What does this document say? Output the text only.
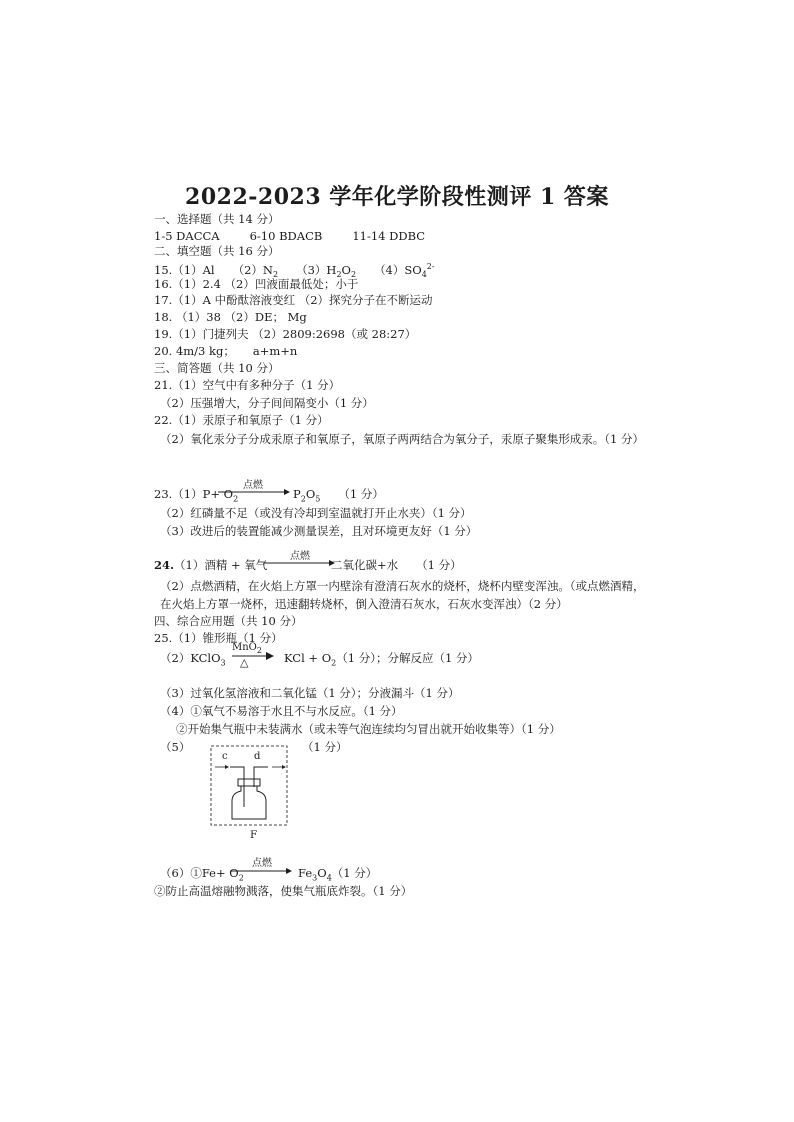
2022-2023 学年化学阶段性测评 1 答案
一、选择题（共 14 分）
1-5 DACCA	6-10 BDACB	11-14 DDBC
二、填空题（共 16 分）
15.（1）Al $(2)N_2$ $(3)H_2O_2$ $(4)SO_4^{2-}$
16.（1）2.4 （2）凹液面最低处；小于
17.（1）A 中酚酞溶液变红 （2）探究分子在不断运动
18. （1）38 （2）DE； Mg
19.（1）门捷列夫 （2）2809:2698（或 28:27）
20. 4m/3 kg； a+m+n
三、简答题（共 10 分）
21.（1）空气中有多种分子（1 分）
（2）压强增大，分子间间隔变小（1 分）
22.（1）汞原子和氧原子（1 分）
（2）氧化汞分子分成汞原子和氧原子，氧原子两两结合为氧分子，汞原子聚集形成汞。（1 分）
$23.(1)P+ O_2$
点燃
$P_2O_5$ （1 分）
（2）红磷量不足（或没有冷却到室温就打开止水夹）（1 分）
（3）改进后的装置能减少测量误差，且对环境更友好（1 分）
24.（1）酒精 + 氧气
点燃
二氧化碳+水 （1 分）
（2）点燃酒精，在火焰上方罩一内壁涂有澄清石灰水的烧杯，烧杯内壁变浑浊。（或点燃酒精，在火焰上方罩一烧杯，迅速翻转烧杯，倒入澄清石灰水，石灰水变浑浊）（2 分）
四、综合应用题（共 10 分）
25.（1）锥形瓶（1 分）
（2）KClO$_3$
MnO$_2$
△ → KCl + $O_2(1$ 分）；分解反应（1 分）
（3）过氧化氢溶液和二氧化锰（1 分）；分液漏斗（1 分）
（4）①氧气不易溶于水且不与水反应。（1 分）
②开始集气瓶中未装满水（或未等气泡连续均匀冒出就开始收集等）（1 分）
（5）	（1 分）
c	d
F
（6）①Fe+ $O_2$
点燃
→ $Fe_3O_4(1$ 分）
②防止高温熔融物溅落，使集气瓶底炸裂。（1 分）
